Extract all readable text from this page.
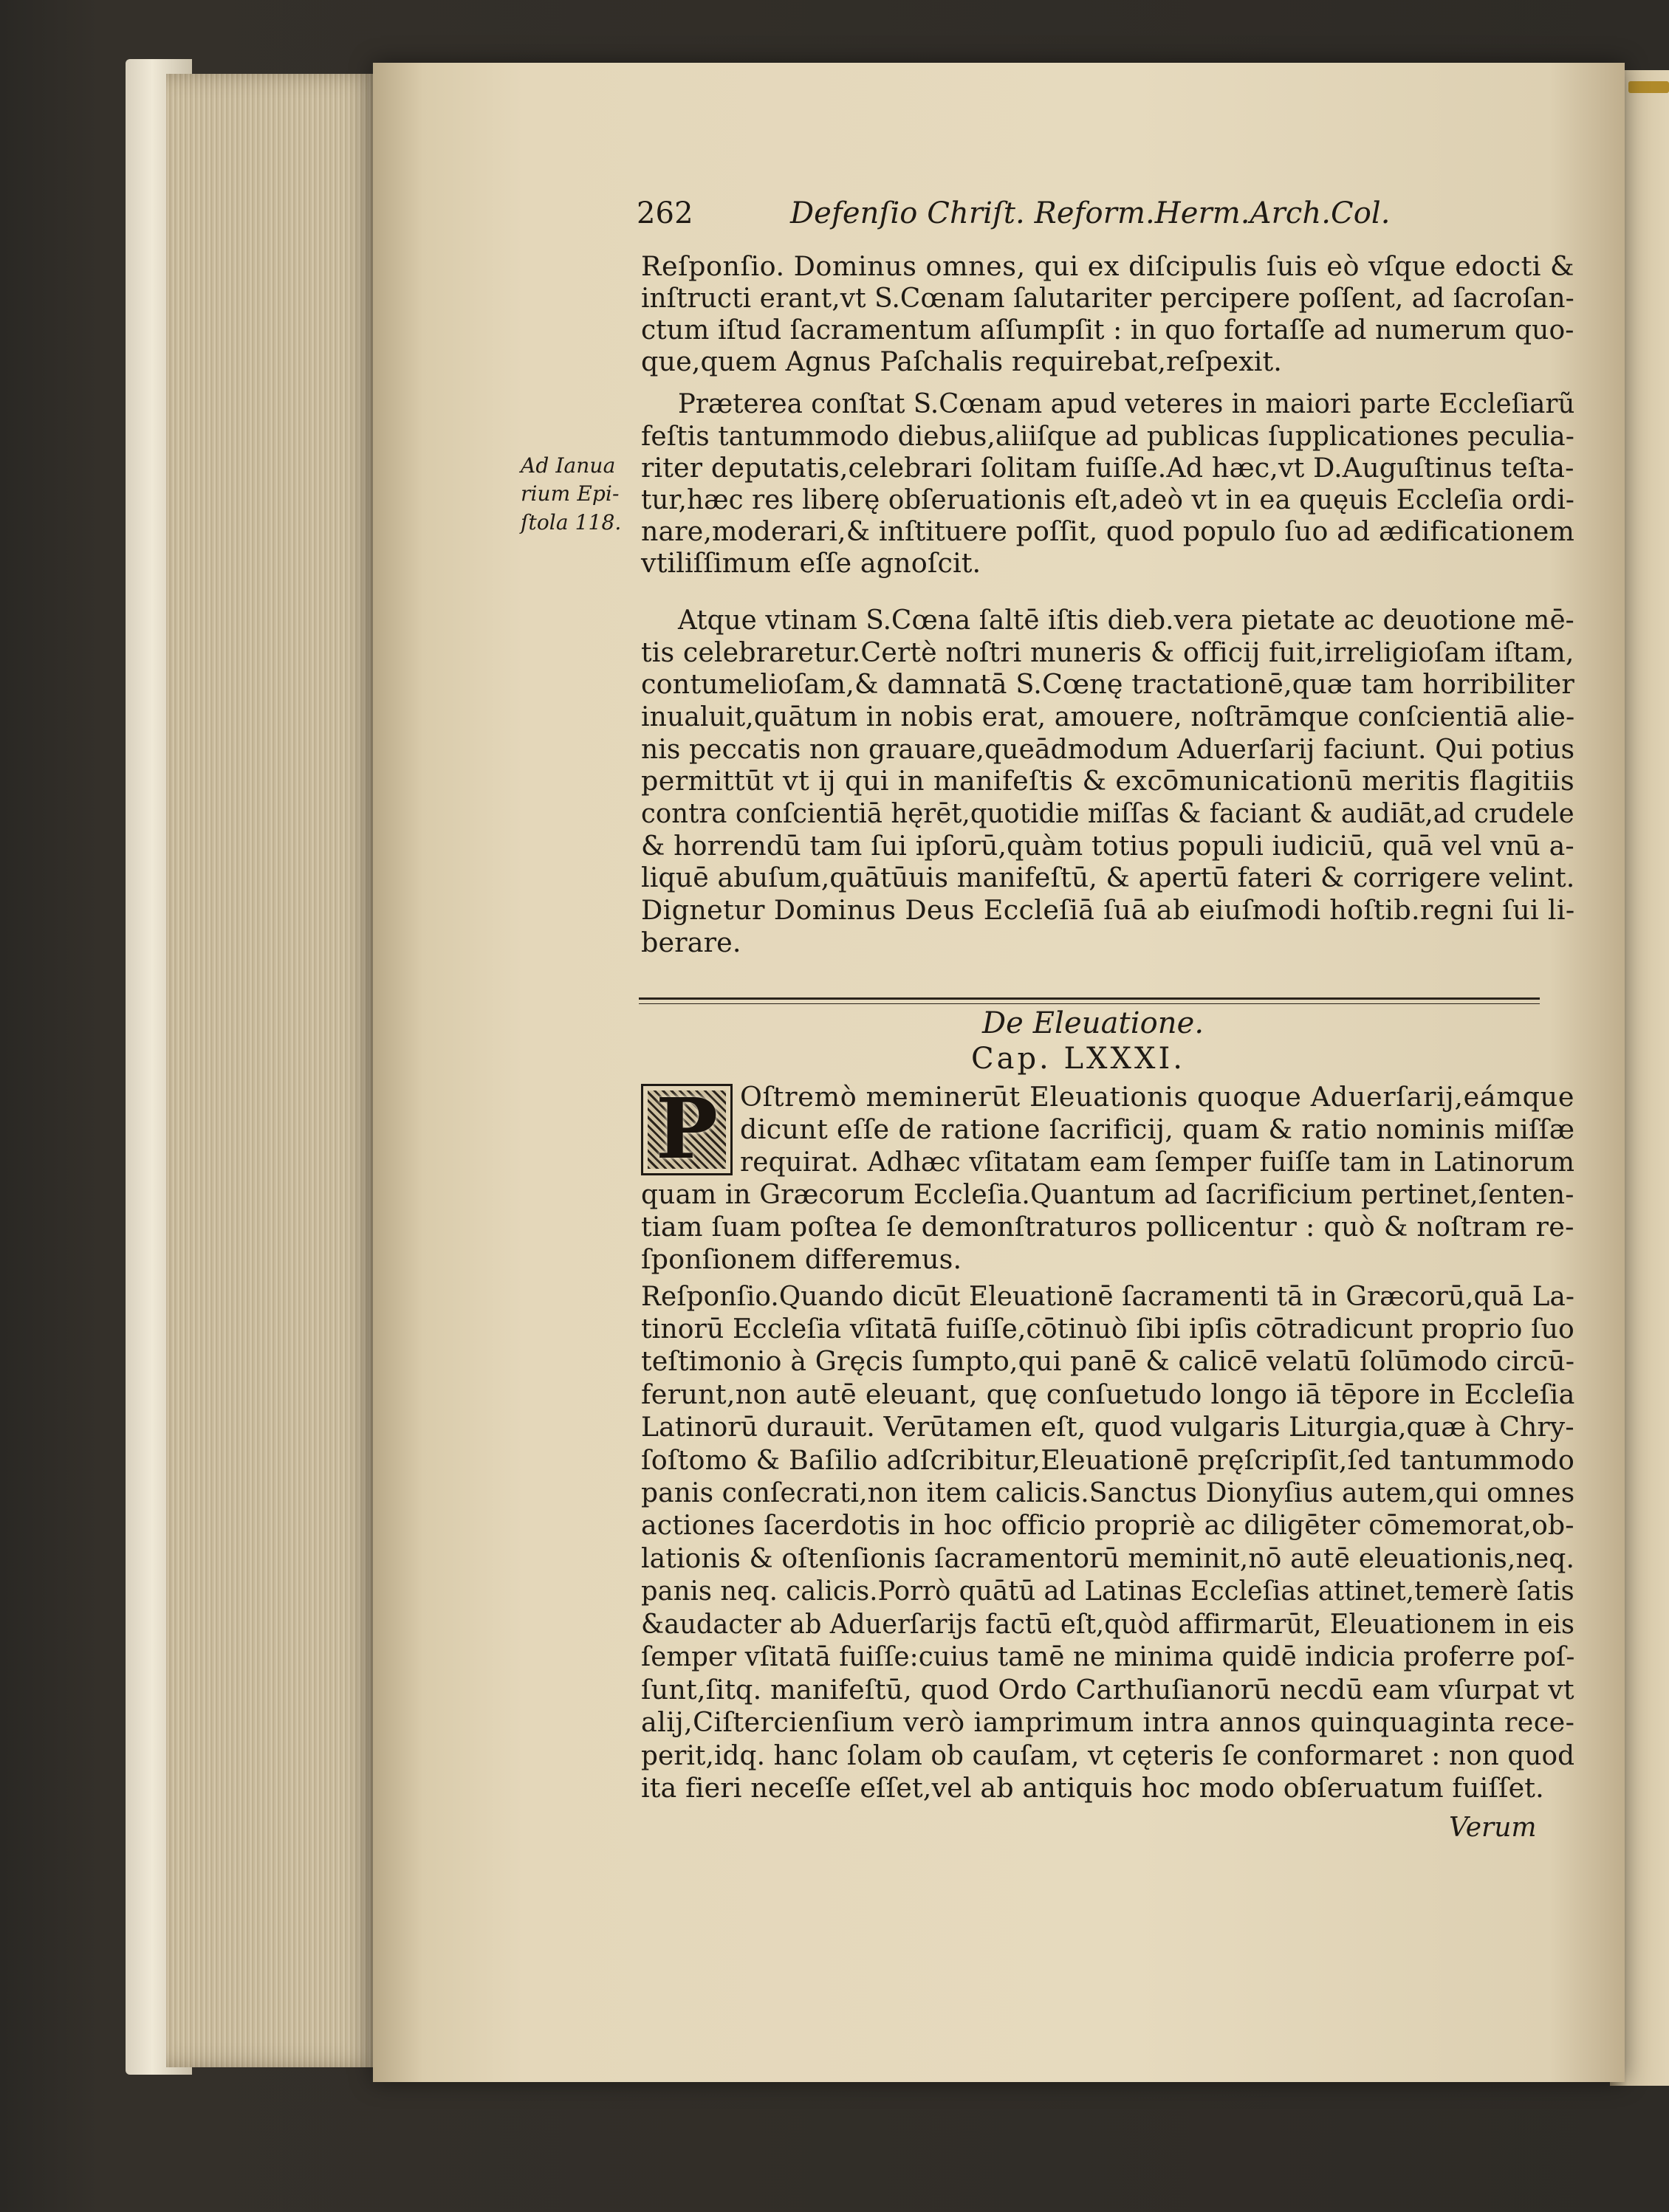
262	Defenſio Chriſt. Reform.Herm.Arch.Col.
Ad Ianua
rium Epi-
ſtola 118.
Reſponſio. Dominus omnes, qui ex diſcipulis ſuis eò vſque edocti &
inſtructi erant,vt S.Cœnam ſalutariter percipere poſſent, ad ſacroſan-
ctum iſtud ſacramentum aſſumpſit : in quo fortaſſe ad numerum quo-
que,quem Agnus Paſchalis requirebat,reſpexit.
Præterea conſtat S.Cœnam apud veteres in maiori parte Eccleſiarũ
feſtis tantummodo diebus,aliiſque ad publicas ſupplicationes peculia-
riter deputatis,celebrari ſolitam fuiſſe.Ad hæc,vt D.Auguſtinus teſta-
tur,hæc res liberę obſeruationis eſt,adeò vt in ea quęuis Eccleſia ordi-
nare,moderari,& inſtituere poſſit, quod populo ſuo ad ædificationem
vtiliſſimum eſſe agnoſcit.
Atque vtinam S.Cœna ſaltē iſtis dieb.vera pietate ac deuotione mē-
tis celebraretur.Certè noſtri muneris & officij fuit,irreligioſam iſtam,
contumelioſam,& damnatā S.Cœnę tractationē,quæ tam horribiliter
inualuit,quātum in nobis erat, amouere, noſtrāmque conſcientiā alie-
nis peccatis non grauare,queādmodum Aduerſarij faciunt. Qui potius
permittūt vt ij qui in manifeſtis & excōmunicationū meritis flagitiis
contra conſcientiā hęrēt,quotidie miſſas & faciant & audiāt,ad crudele
& horrendū tam ſui ipſorū,quàm totius populi iudiciū, quā vel vnū a-
liquē abuſum,quātūuis manifeſtū, & apertū fateri & corrigere velint.
Dignetur Dominus Deus Eccleſiā ſuā ab eiuſmodi hoſtib.regni ſui li-
berare.
De Eleuatione.
Cap. LXXXI.
P Oſtremò meminerūt Eleuationis quoque Aduerſarij,eámque
dicunt eſſe de ratione ſacrificij, quam & ratio nominis miſſæ
requirat. Adhæc vſitatam eam ſemper fuiſſe tam in Latinorum
quam in Græcorum Eccleſia.Quantum ad ſacrificium pertinet,ſenten-
tiam ſuam poſtea ſe demonſtraturos pollicentur : quò & noſtram re-
ſponſionem differemus.
Reſponſio.Quando dicūt Eleuationē ſacramenti tā in Græcorū,quā La-
tinorū Eccleſia vſitatā fuiſſe,cōtinuò ſibi ipſis cōtradicunt proprio ſuo
teſtimonio à Gręcis ſumpto,qui panē & calicē velatū ſolūmodo circū-
ferunt,non autē eleuant, quę conſuetudo longo iā tēpore in Eccleſia
Latinorū durauit. Verūtamen eſt, quod vulgaris Liturgia,quæ à Chry-
ſoſtomo & Baſilio adſcribitur,Eleuationē pręſcripſit,ſed tantummodo
panis conſecrati,non item calicis.Sanctus Dionyſius autem,qui omnes
actiones ſacerdotis in hoc officio propriè ac diligēter cōmemorat,ob-
lationis & oſtenſionis ſacramentorū meminit,nō autē eleuationis,neq.
panis neq. calicis.Porrò quātū ad Latinas Eccleſias attinet,temerè ſatis
&audacter ab Aduerſarijs factū eſt,quòd affirmarūt, Eleuationem in eis
ſemper vſitatā fuiſſe:cuius tamē ne minima quidē indicia proferre poſ-
ſunt,ſitq. manifeſtū, quod Ordo Carthuſianorū necdū eam vſurpat vt
alij,Ciſtercienſium verò iamprimum intra annos quinquaginta rece-
perit,idq. hanc ſolam ob cauſam, vt cęteris ſe conformaret : non quod
ita fieri neceſſe eſſet,vel ab antiquis hoc modo obſeruatum fuiſſet.
Verum
